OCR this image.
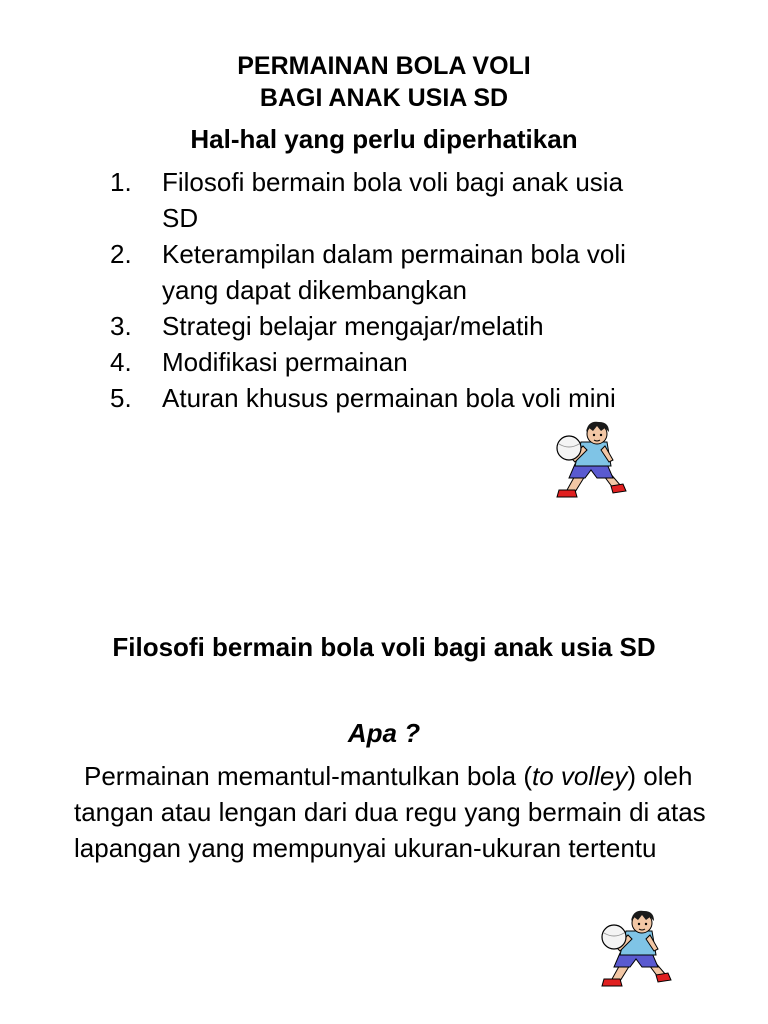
PERMAINAN BOLA VOLI
BAGI ANAK USIA SD
Hal-hal yang perlu diperhatikan
1. Filosofi bermain bola voli bagi anak usia SD
2. Keterampilan dalam permainan bola voli yang dapat dikembangkan
3. Strategi belajar mengajar/melatih
4. Modifikasi permainan
5. Aturan khusus permainan bola voli mini
Filosofi bermain bola voli bagi anak usia SD
Apa ?
Permainan memantul-mantulkan bola (to volley) oleh tangan atau lengan dari dua regu yang bermain di atas lapangan yang mempunyai ukuran-ukuran tertentu
